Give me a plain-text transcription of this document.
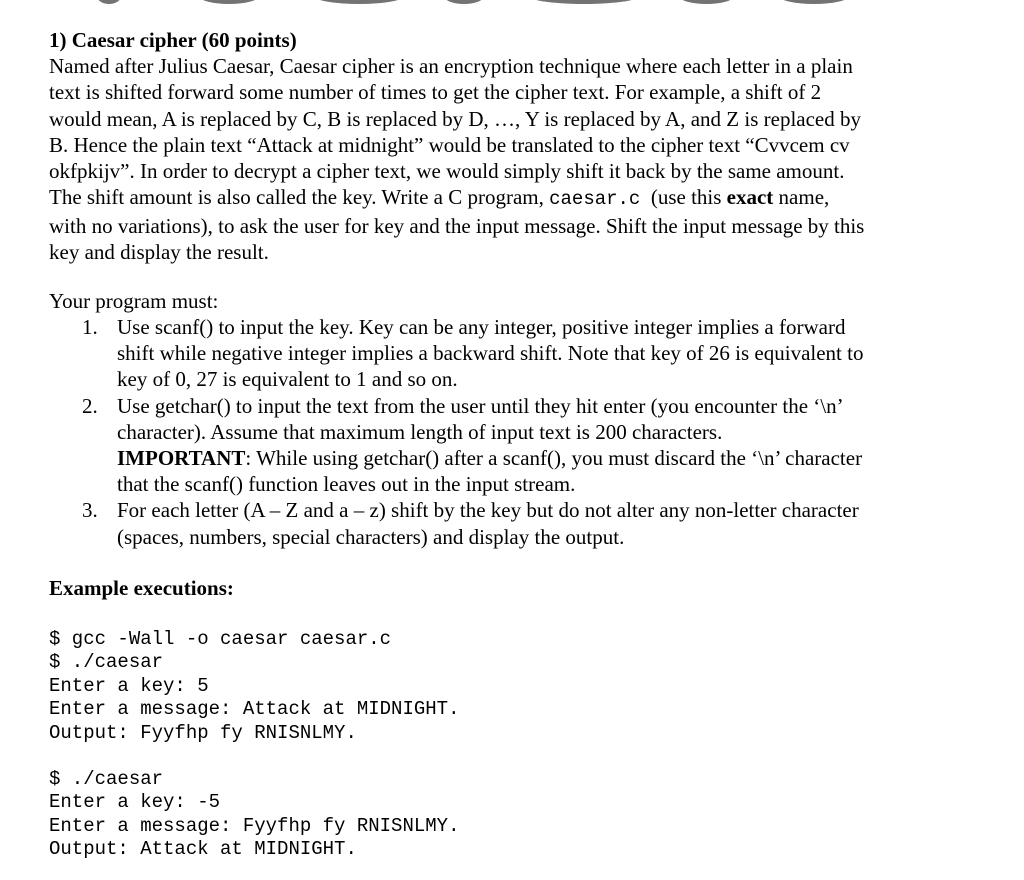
1) Caesar cipher (60 points)
Named after Julius Caesar, Caesar cipher is an encryption technique where each letter in a plain
text is shifted forward some number of times to get the cipher text. For example, a shift of 2
would mean, A is replaced by C, B is replaced by D, …, Y is replaced by A, and Z is replaced by
B. Hence the plain text “Attack at midnight” would be translated to the cipher text “Cvvcem cv
okfpkijv”. In order to decrypt a cipher text, we would simply shift it back by the same amount.
The shift amount is also called the key. Write a C program, caesar.c (use this exact name,
with no variations), to ask the user for key and the input message. Shift the input message by this
key and display the result.
Your program must:
1. Use scanf() to input the key. Key can be any integer, positive integer implies a forward
shift while negative integer implies a backward shift. Note that key of 26 is equivalent to
key of 0, 27 is equivalent to 1 and so on.
2. Use getchar() to input the text from the user until they hit enter (you encounter the ‘\n’
character). Assume that maximum length of input text is 200 characters.
IMPORTANT: While using getchar() after a scanf(), you must discard the ‘\n’ character
that the scanf() function leaves out in the input stream.
3. For each letter (A – Z and a – z) shift by the key but do not alter any non-letter character
(spaces, numbers, special characters) and display the output.
Example executions:
$ gcc -Wall -o caesar caesar.c
$ ./caesar
Enter a key: 5
Enter a message: Attack at MIDNIGHT.
Output: Fyyfhp fy RNISNLMY.
$ ./caesar
Enter a key: -5
Enter a message: Fyyfhp fy RNISNLMY.
Output: Attack at MIDNIGHT.
